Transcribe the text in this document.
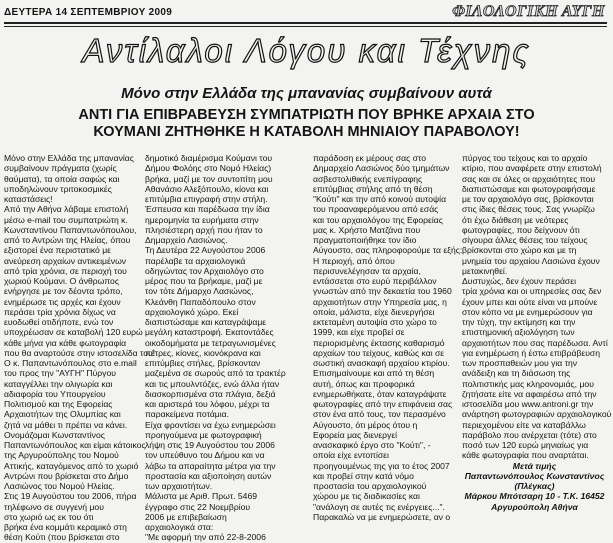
ΔΕΥΤΕΡΑ 14 ΣΕΠΤΕΜΒΡΙΟΥ 2009	ΦΙΛΟΛΟΓΙΚΗ ΑΥΓΗ
Αντίλαλοι Λόγου και Τέχνης
Μόνο στην Ελλάδα της μπανανίας συμβαίνουν αυτά
ΑΝΤΙ ΓΙΑ ΕΠΙΒΡΑΒΕΥΣΗ ΣΥΜΠΑΤΡΙΩΤΗ ΠΟΥ ΒΡΗΚΕ ΑΡΧΑΙΑ ΣΤΟ
ΚΟΥΜΑΝΙ ΖΗΤΗΘΗΚΕ Η ΚΑΤΑΒΟΛΗ ΜΗΝΙΑΙΟΥ ΠΑΡΑΒΟΛΟΥ!

Μόνο στην Ελλάδα της μπανανίας

συμβαίνουν πράγματα (χωρίς

θαύματα), τα οποία σαφώς και

υποδηλώνουν τριτοκοσμικές

καταστάσεις!

Από την Αθήνα λάβαμε επιστολή

μέσω e-mail του συμπατριώτη κ.

Κωνσταντίνου Παπαντωνόπουλου,

από το Αντρώνι της Ηλείας, όπου

εξιστορεί ένα περιστατικό με

ανεύρεση αρχαίων αντικειμένων

από τρία χρόνια, σε περιοχή του

χωριού Κούμανι. Ο άνθρωπος

ενήργησε με τον δέοντα τρόπο,

ενημέρωσε τις αρχές και έχουν

περάσει τρία χρόνια δίχως να

ευοδωθεί οτιδήποτε, ενώ τον

υποχρέωσαν σε καταβολή 120 ευρώ

κάθε μήνα για κάθε φωτογραφία

που θα αναρτούσε στην ιστοσελίδα του!

Ο κ. Παπαντωνόπουλος στο e.mail

του προς την "ΑΥΓΗ" Πύργου

καταγγέλλει την ολιγωρία και

αδιαφορία του Υπουργείου

Πολιτισμού και της Εφορείας

Αρχαιοτήτων της Ολυμπίας και

ζητά να μάθει τι πρέπει να κάνει.

Ονομάζομαι Κωνσταντίνος

Παπαντωνόπουλος και είμαι κάτοικος

της Αργυρούπολης του Νομού

Αττικής, καταγόμενος από το χωριό

Αντρώνι που βρίσκεται στο Δήμο

Λασιώνος του Νομού Ηλείας.

Στις 19 Αυγούστου του 2006, πήρα

τηλέφωνο σε συγγενή μου

στο χωριό ως εκ του ότι

βρήκα ένα κομμάτι κεραμικό στη

θέση Κούτι (που βρίσκεται στο

δημοτικό διαμέρισμα Κούμανι του

Δήμου Φολόης στο Νομό Ηλείας)

βρήκα, μαζί με τον συντοπίτη μου

Αθανάσιο Αλεξόπουλο, κίονα και

επιτύμβια επιγραφή στην στήλη.

Έσπευσα και παρέδωσα την ίδια

ημερομηνία τα ευρήματα στην

πλησιέστερη αρχή που ήταν το

Δημαρχείο Λασιώνος.

Τη Δευτέρα 22 Αυγούστου 2006

παρέλαβε τα αρχαιολογικά

οδηγώντας τον Αρχαιολόγο στο

μέρος που τα βρήκαμε, μαζί με

τον τότε Δήμαρχο Λασιώνος,

Κλεάνθη Παπαδόπουλο στον

αρχαιολογικό χώρο. Εκεί

διαπιστώσαμε και καταγράψαμε

μεγάλη καταστροφή. Εκατοντάδες

οικοδομήματα με τετραγωνισμένες

πέτρες, κίονες, κιονόκρανα και

επιτύμβιες στήλες, βρίσκονταν

μαζεμένα σε σωρούς από τα τρακτέρ

και τις μπουλντόζες, ενώ άλλα ήταν

διασκορπισμένα στα πλάγια, δεξιά

και αριστερά του λόφου, μέχρι τα

παρακείμενα ποτάμια.

Είχα φροντίσει να έχω ενημερώσει

προηγούμενα με φωτογραφική

λήψη στις 19 Αυγούστου του 2006

τον υπεύθυνο του Δήμου και να

λάβω τα απαραίτητα μέτρα για την

προστασία και αξιοποίηση αυτών

των αρχαιοτήτων.

Μάλιστα με Αριθ. Πρωτ. 5469

έγγραφο στις 22 Νοεμβρίου

2006 με επιβεβαίωση

αρχαιολογικά στα:

"Με αφορμή την από 22-8-2006

παράδοση εκ μέρους σας στο

Δημαρχείο Λασιώνος δύο τμημάτων

ασβεστολιθικής ενεπίγραφης

επιτύμβιας στήλης από τη θέση

"Κούτι" και την από κοινού αυτοψία

του προαναφερόμενου από εσάς

και του αρχαιολόγου της Εφορείας

μας κ. Χρήστο Ματζάνα που

πραγματοποιήθηκε τον ίδιο

Αύγουστο, σας πληροφορούμε τα εξής:

Η περιοχή, από όπου

περισυνελέγησαν τα αρχαία,

εντάσσεται στο ευρύ περιβάλλον

γνωστών από την δεκαετία του 1960

αρχαιοτήτων στην Υπηρεσία μας, η

οποία, μάλιστα, είχε διενεργήσει

εκτεταμένη αυτοψία στο χώρο το

1999, και είχε προβεί σε

περιορισμένης έκτασης καθαρισμό

αρχαίων του τείχους, καθώς και σε

σωστική ανασκαφή αρχαίου κτιρίου.

Επισημαίνουμε και από τη θέση

αυτή, όπως και προφορικά

ενημερωθήκατε, όταν καταγράψατε

φωτογραφίες από την επιφάνεια σας

στον ένα από τους, τον περασμένο

Αύγουστο, ότι μέρος ότου η

Εφορεία μας διενεργεί

ανασκαφικό έργο στο "Κούτι", -

οποία είχε εντοπίσει

προηγουμένως της για το έτος 2007

και προβεί στην κατά νόμο

προστασία του αρχαιολογικού

χώρου με τις διαδικασίες και

"ανάλογη σε αυτές τις ενέργειες...".

Παρακαλώ να με ενημερώσετε, αν ο

πύργος του τείχους και το αρχαίο

κτίριο, που αναφέρετε στην επιστολή

σας και σε όλες οι αρχαιότητες που

διαπιστώσαμε και φωτογραφήσαμε

με τον αρχαιολόγο σας, βρίσκονται

στις ίδιες θέσεις τους. Σας γνωρίζω

ότι έχω διάθεση με νεότερες

φωτογραφίες, που δείχνουν ότι

σίγουρα άλλες θέσεις του τείχους

βρίσκονται στο χώρο και με τη

μνημεία του αρχαίου Λασιώνα έχουν

μετακινηθεί.

Δυστυχώς, δεν έχουν περάσει

τρία χρόνια και οι υπηρεσίες σας δεν

έχουν μπει και ούτε είναι να μπούνε

στον κόπο να με ενημερώσουν για

την τύχη, την εκτίμηση και την

επιστημονική αξιολόγηση των

αρχαιοτήτων που σας παρέδωσα. Αντί

για ενημέρωση ή έστω επιβράβευση

των προσπαθειών μου για την

ανάδειξη και τη διάσωση της

πολιτιστικής μας κληρονομιάς, μου

ζητήσατε είτε να αφαιρέσω από την

ιστοσελίδα μου www.antroni.gr την

ανάρτηση φωτογραφιών αρχαιολογικού

περιεχομένου είτε να καταβάλλω

παράβολο που ανέρχεται (τότε) στο

ποσό των 120 ευρώ μηνιαίως για

κάθε φωτογραφία που αναρτάται.

Μετά τιμής

Παπαντωνόπουλος Κωνσταντίνος

(Πλέγκας)

Μάρκου Μπότσαρη 10 - Τ.Κ. 16452

Αργυρούπολη Αθήνα
